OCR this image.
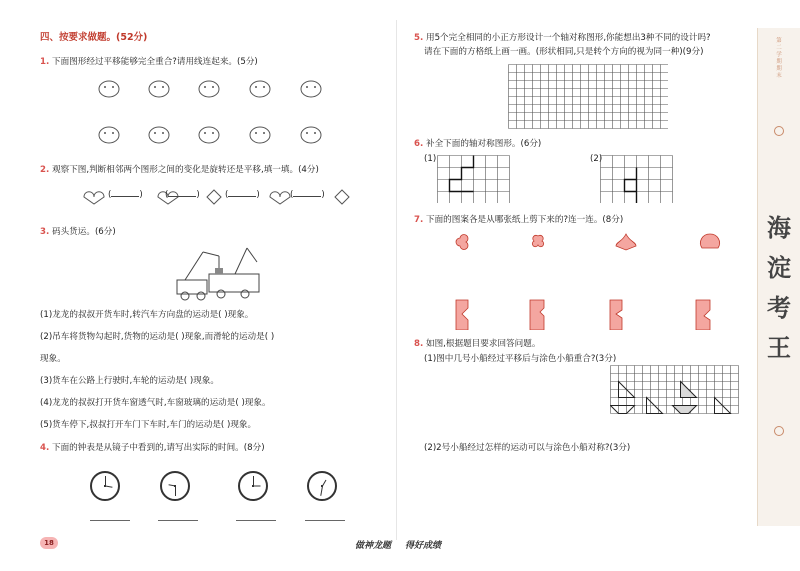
四、按要求做题。(52分)
1. 下面图形经过平移能够完全重合?请用线连起来。(5分)
2. 观察下图,判断相邻两个图形之间的变化是旋转还是平移,填一填。(4分)
(	)	(	)	(	)	(	)
3. 码头货运。(6分)
(1)龙龙的叔叔开货车时,转汽车方向盘的运动是( )现象。
(2)吊车将货物勾起时,货物的运动是( )现象,而滑轮的运动是( )
现象。
(3)货车在公路上行驶时,车轮的运动是( )现象。
(4)龙龙的叔叔打开货车窗透气时,车窗玻璃的运动是( )现象。
(5)货车停下,叔叔打开车门下车时,车门的运动是( )现象。
4. 下面的钟表是从镜子中看到的,请写出实际的时间。(8分)
18	做神龙题 得好成绩
5. 用5个完全相同的小正方形设计一个轴对称图形,你能想出3种不同的设计吗?
请在下面的方格纸上画一画。(形状相同,只是转个方向的视为同一种)(9分)
6. 补全下面的轴对称图形。(6分)
(1)	(2)
7. 下面的图案各是从哪张纸上剪下来的?连一连。(8分)
8. 如图,根据题目要求回答问题。
(1)图中几号小船经过平移后与涂色小船重合?(3分)
(2)2号小船经过怎样的运动可以与涂色小船对称?(3分)
第
二
学
期
期
末
海
淀
考
王
